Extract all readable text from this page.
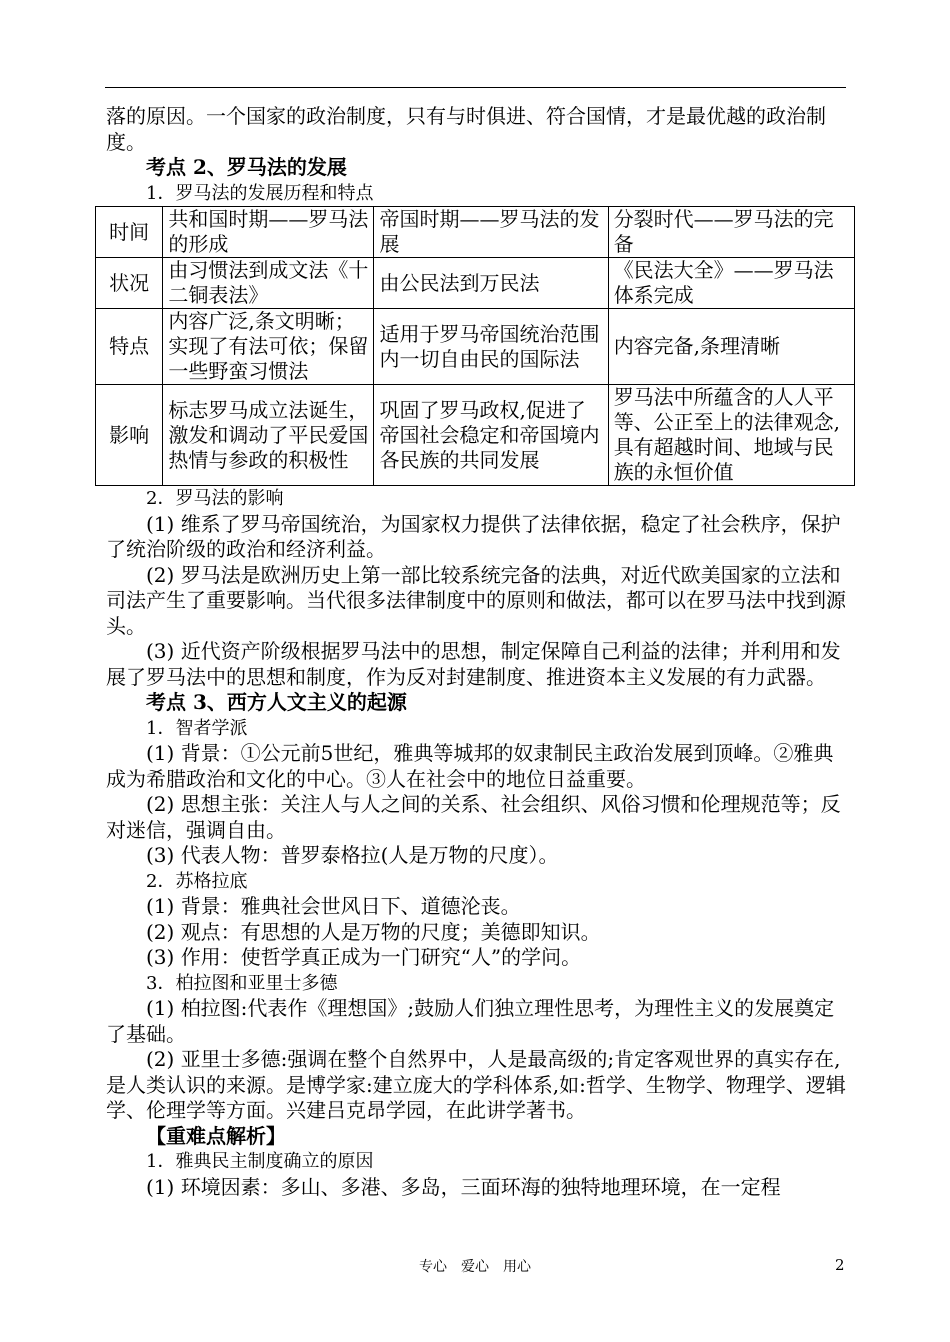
落的原因。一个国家的政治制度，只有与时俱进、符合国情，才是最优越的政治制度。

考点 2、罗马法的发展

1．罗马法的发展历程和特点

时间	共和国时期——罗马法的形成	帝国时期——罗马法的发展	分裂时代——罗马法的完备
状况	由习惯法到成文法《十二铜表法》	由公民法到万民法	《民法大全》——罗马法体系完成
特点	内容广泛,条文明晰；实现了有法可依；保留一些野蛮习惯法	适用于罗马帝国统治范围内一切自由民的国际法	内容完备,条理清晰
影响	标志罗马成立法诞生，激发和调动了平民爱国热情与参政的积极性	巩固了罗马政权,促进了帝国社会稳定和帝国境内各民族的共同发展	罗马法中所蕴含的人人平等、公正至上的法律观念,具有超越时间、地域与民族的永恒价值

2．罗马法的影响

(1) 维系了罗马帝国统治，为国家权力提供了法律依据，稳定了社会秩序，保护了统治阶级的政治和经济利益。

(2) 罗马法是欧洲历史上第一部比较系统完备的法典，对近代欧美国家的立法和司法产生了重要影响。当代很多法律制度中的原则和做法，都可以在罗马法中找到源头。

(3) 近代资产阶级根据罗马法中的思想，制定保障自己利益的法律；并利用和发展了罗马法中的思想和制度，作为反对封建制度、推进资本主义发展的有力武器。

考点 3、西方人文主义的起源

1．智者学派

(1) 背景：①公元前5世纪，雅典等城邦的奴隶制民主政治发展到顶峰。②雅典成为希腊政治和文化的中心。③人在社会中的地位日益重要。

(2) 思想主张：关注人与人之间的关系、社会组织、风俗习惯和伦理规范等；反对迷信，强调自由。

(3) 代表人物：普罗泰格拉(人是万物的尺度）。

2．苏格拉底

(1) 背景：雅典社会世风日下、道德沦丧。

(2) 观点：有思想的人是万物的尺度；美德即知识。

(3) 作用：使哲学真正成为一门研究“人”的学问。

3．柏拉图和亚里士多德

(1) 柏拉图:代表作《理想国》;鼓励人们独立理性思考，为理性主义的发展奠定了基础。

(2) 亚里士多德:强调在整个自然界中，人是最高级的;肯定客观世界的真实存在,是人类认识的来源。是博学家:建立庞大的学科体系,如:哲学、生物学、物理学、逻辑学、伦理学等方面。兴建吕克昂学园，在此讲学著书。

【重难点解析】

1．雅典民主制度确立的原因

(1) 环境因素：多山、多港、多岛，三面环海的独特地理环境，在一定程

专心　爱心　用心	2
